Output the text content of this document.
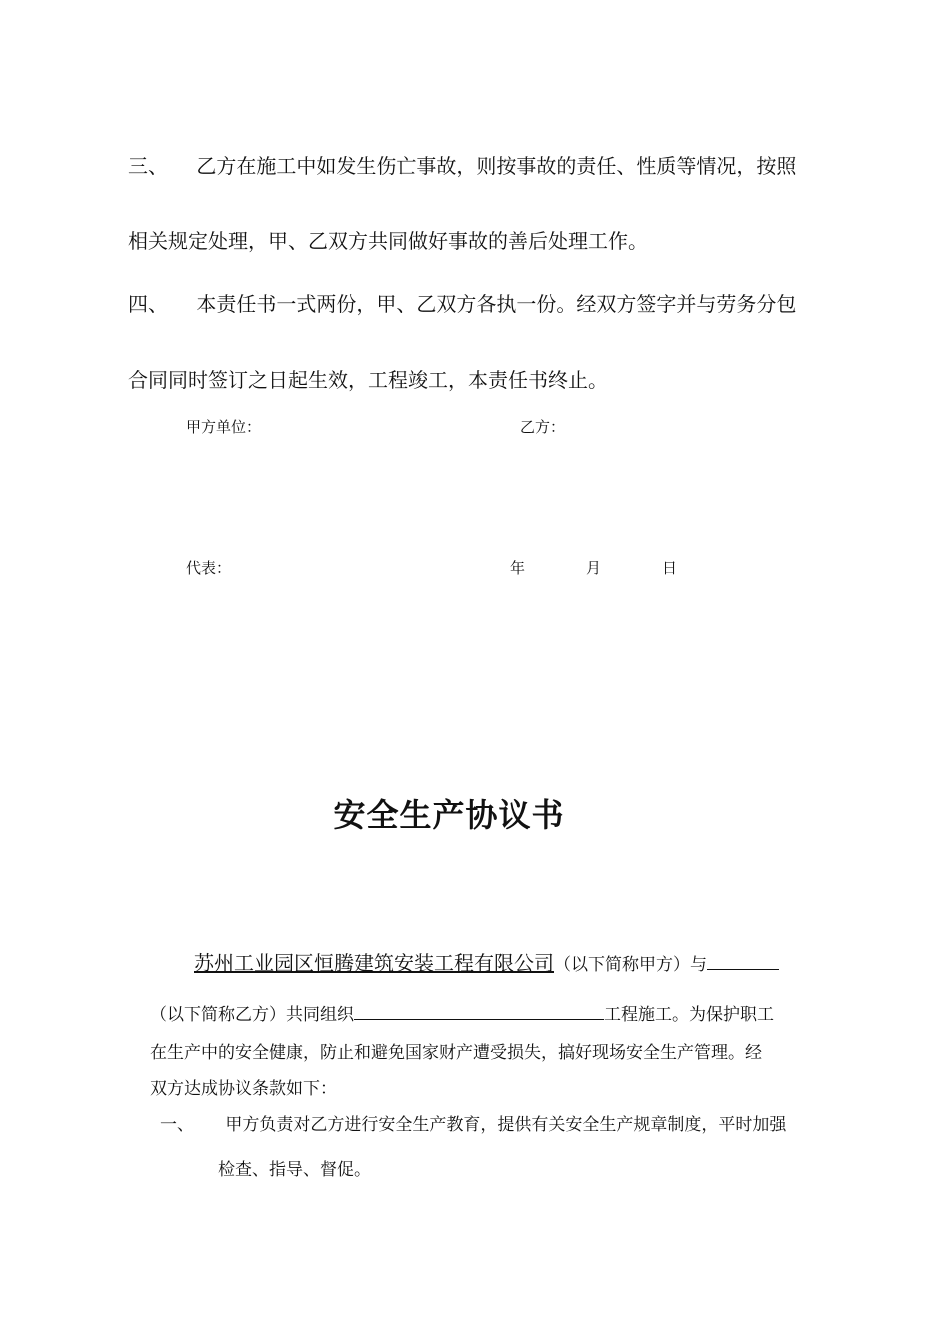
三、 乙方在施工中如发生伤亡事故，则按事故的责任、性质等情况，按照
相关规定处理，甲、乙双方共同做好事故的善后处理工作。
四、 本责任书一式两份，甲、乙双方各执一份。经双方签字并与劳务分包
合同同时签订之日起生效，工程竣工，本责任书终止。
甲方单位：	乙方：
代表：	年	月	日
安全生产协议书
苏州工业园区恒腾建筑安装工程有限公司（以下简称甲方）与
（以下简称乙方）共同组织	工程施工。为保护职工
在生产中的安全健康，防止和避免国家财产遭受损失，搞好现场安全生产管理。经
双方达成协议条款如下：
一、 甲方负责对乙方进行安全生产教育，提供有关安全生产规章制度，平时加强
检查、指导、督促。
